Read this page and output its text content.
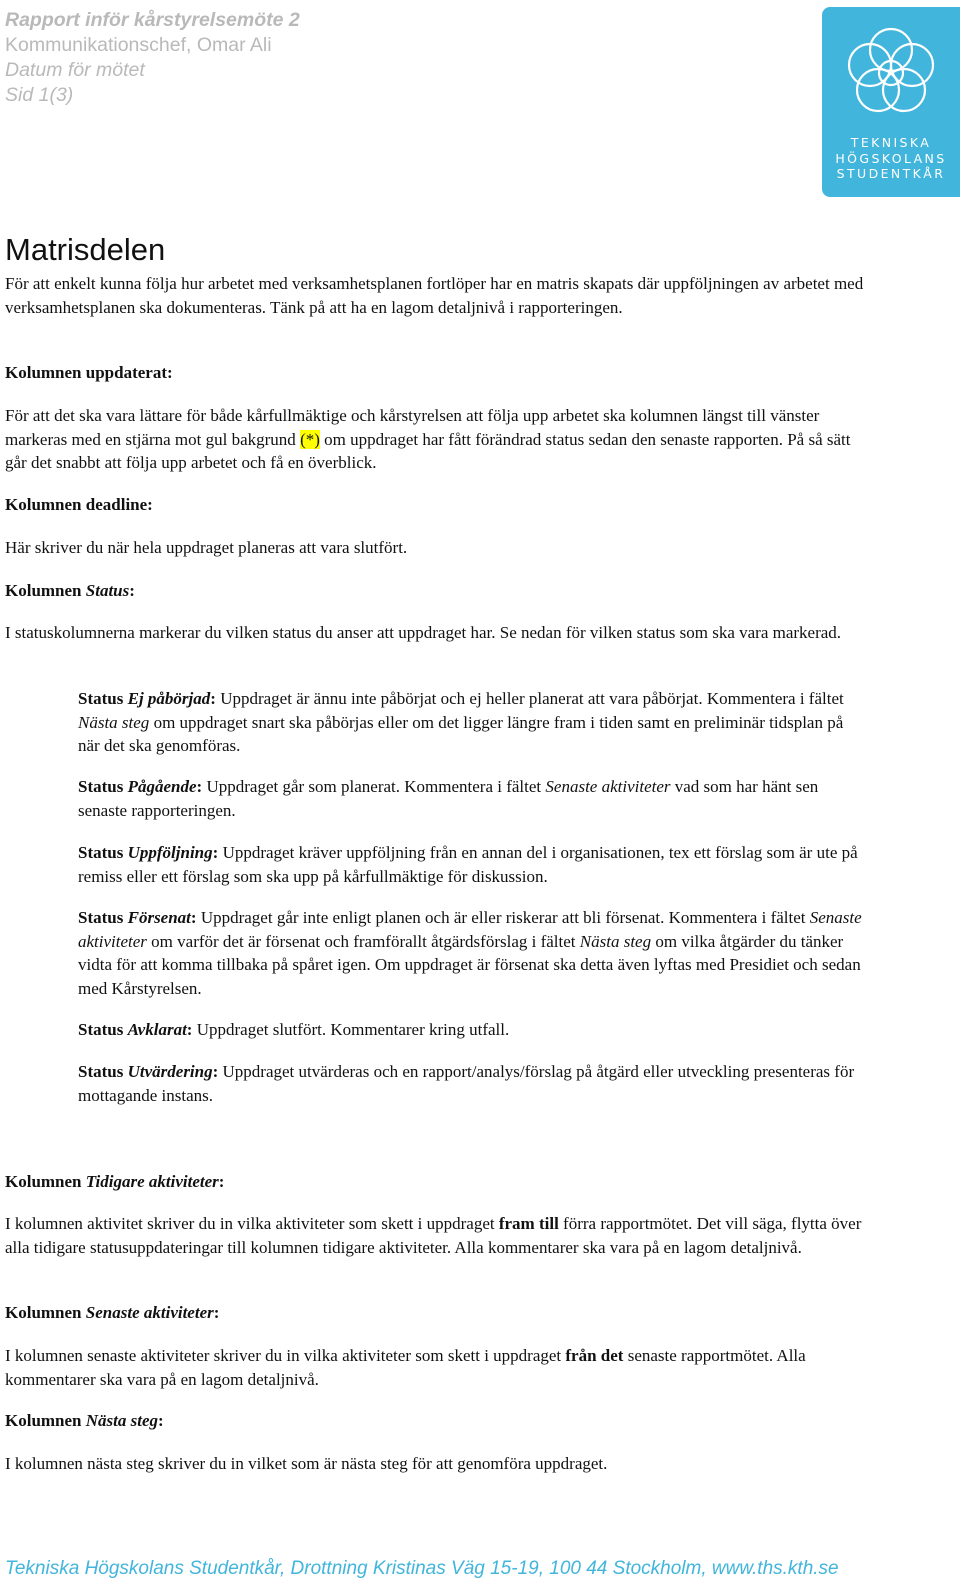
Rapport inför kårstyrelsemöte 2
Kommunikationschef, Omar Ali
Datum för mötet
Sid 1(3)
TEKNISKA
HÖGSKOLANS
STUDENTKÅR
Matrisdelen

För att enkelt kunna följa hur arbetet med verksamhetsplanen fortlöper har en matris skapats där uppföljningen av arbetet med verksamhetsplanen ska dokumenteras. Tänk på att ha en lagom detaljnivå i rapporteringen.

Kolumnen uppdaterat:

För att det ska vara lättare för både kårfullmäktige och kårstyrelsen att följa upp arbetet ska kolumnen längst till vänster markeras med en stjärna mot gul bakgrund (*) om uppdraget har fått förändrad status sedan den senaste rapporten. På så sätt går det snabbt att följa upp arbetet och få en överblick.

Kolumnen deadline:

Här skriver du när hela uppdraget planeras att vara slutfört.

Kolumnen Status:

I statuskolumnerna markerar du vilken status du anser att uppdraget har. Se nedan för vilken status som ska vara markerad.

Status Ej påbörjad: Uppdraget är ännu inte påbörjat och ej heller planerat att vara påbörjat. Kommentera i fältet Nästa steg om uppdraget snart ska påbörjas eller om det ligger längre fram i tiden samt en preliminär tidsplan på när det ska genomföras.

Status Pågående: Uppdraget går som planerat. Kommentera i fältet Senaste aktiviteter vad som har hänt sen senaste rapporteringen.

Status Uppföljning: Uppdraget kräver uppföljning från en annan del i organisationen, tex ett förslag som är ute på remiss eller ett förslag som ska upp på kårfullmäktige för diskussion.

Status Försenat: Uppdraget går inte enligt planen och är eller riskerar att bli försenat. Kommentera i fältet Senaste aktiviteter om varför det är försenat och framförallt åtgärdsförslag i fältet Nästa steg om vilka åtgärder du tänker vidta för att komma tillbaka på spåret igen. Om uppdraget är försenat ska detta även lyftas med Presidiet och sedan med Kårstyrelsen.

Status Avklarat: Uppdraget slutfört. Kommentarer kring utfall.

Status Utvärdering: Uppdraget utvärderas och en rapport/analys/förslag på åtgärd eller utveckling presenteras för mottagande instans.

Kolumnen Tidigare aktiviteter:

I kolumnen aktivitet skriver du in vilka aktiviteter som skett i uppdraget fram till förra rapportmötet. Det vill säga, flytta över alla tidigare statusuppdateringar till kolumnen tidigare aktiviteter. Alla kommentarer ska vara på en lagom detaljnivå.

Kolumnen Senaste aktiviteter:

I kolumnen senaste aktiviteter skriver du in vilka aktiviteter som skett i uppdraget från det senaste rapportmötet. Alla kommentarer ska vara på en lagom detaljnivå.

Kolumnen Nästa steg:

I kolumnen nästa steg skriver du in vilket som är nästa steg för att genomföra uppdraget.

Tekniska Högskolans Studentkår, Drottning Kristinas Väg 15-19, 100 44 Stockholm, www.ths.kth.se
